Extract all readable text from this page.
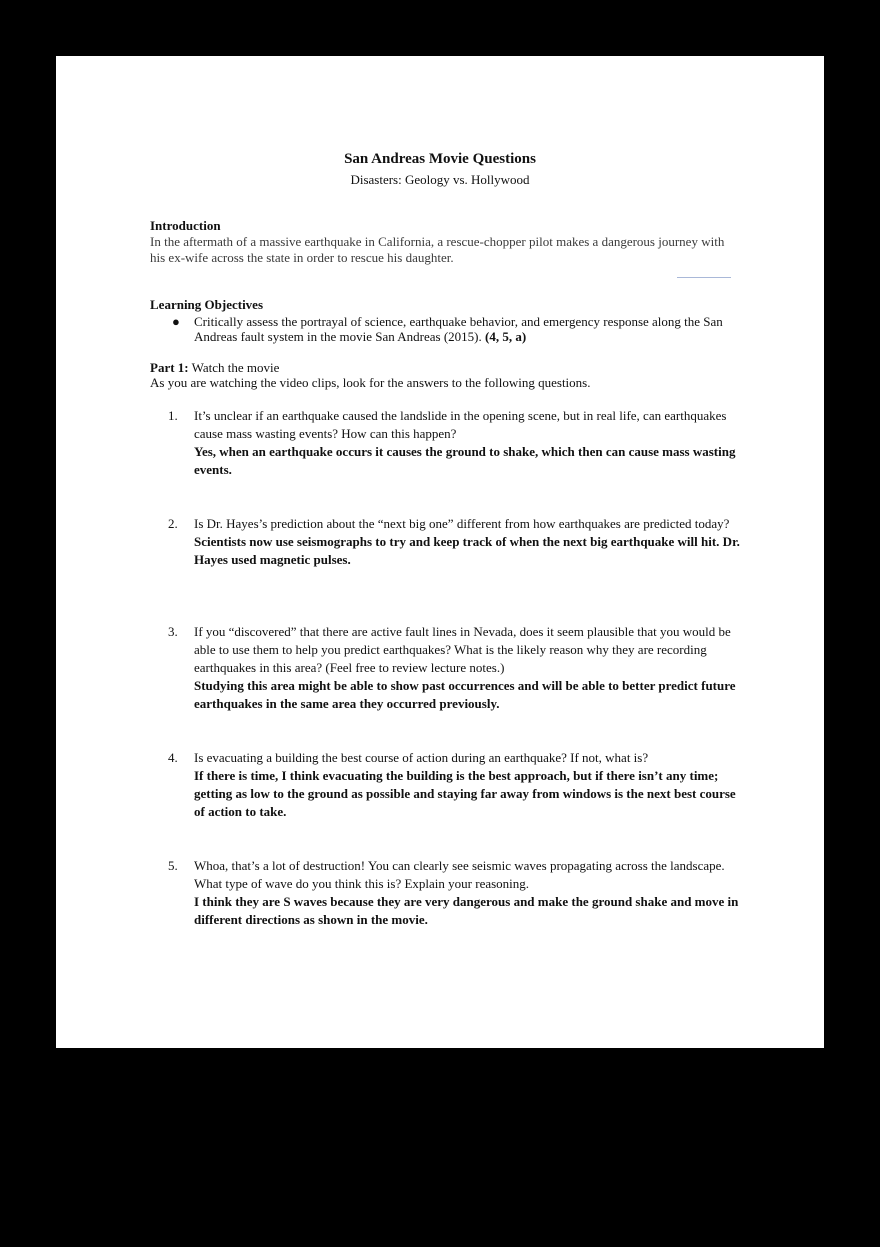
San Andreas Movie Questions
Disasters: Geology vs. Hollywood
Introduction
In the aftermath of a massive earthquake in California, a rescue-chopper pilot makes a dangerous journey with his ex-wife across the state in order to rescue his daughter.
Learning Objectives
●	Critically assess the portrayal of science, earthquake behavior, and emergency response along the San Andreas fault system in the movie San Andreas (2015). (4, 5, a)
Part 1: Watch the movie
As you are watching the video clips, look for the answers to the following questions.
1.	It’s unclear if an earthquake caused the landslide in the opening scene, but in real life, can earthquakes cause mass wasting events? How can this happen?
Yes, when an earthquake occurs it causes the ground to shake, which then can cause mass wasting events.
2.	Is Dr. Hayes’s prediction about the “next big one” different from how earthquakes are predicted today?
Scientists now use seismographs to try and keep track of when the next big earthquake will hit. Dr. Hayes used magnetic pulses.
3.	If you “discovered” that there are active fault lines in Nevada, does it seem plausible that you would be able to use them to help you predict earthquakes? What is the likely reason why they are recording earthquakes in this area? (Feel free to review lecture notes.)
Studying this area might be able to show past occurrences and will be able to better predict future earthquakes in the same area they occurred previously.
4.	Is evacuating a building the best course of action during an earthquake? If not, what is?
If there is time, I think evacuating the building is the best approach, but if there isn’t any time; getting as low to the ground as possible and staying far away from windows is the next best course of action to take.
5.	Whoa, that’s a lot of destruction! You can clearly see seismic waves propagating across the landscape. What type of wave do you think this is? Explain your reasoning.
I think they are S waves because they are very dangerous and make the ground shake and move in different directions as shown in the movie.
